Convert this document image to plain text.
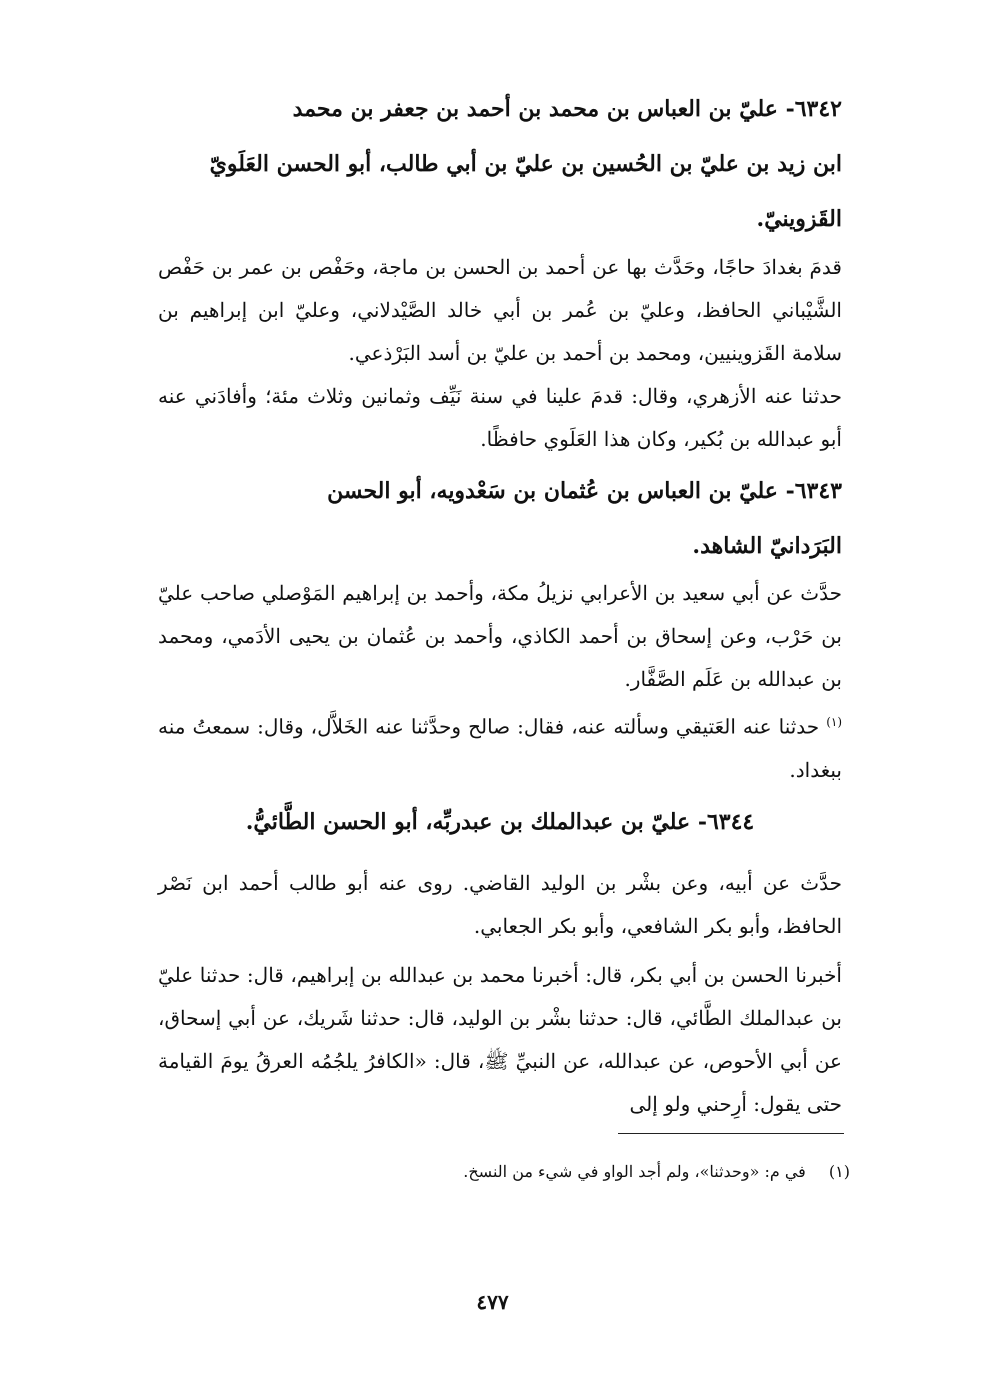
٦٣٤٢- عليّ بن العباس بن محمد بن أحمد بن جعفر بن محمد
ابن زيد بن عليّ بن الحُسين بن عليّ بن أبي طالب، أبو الحسن العَلَويّ
القَزوينيّ.

قدمَ بغدادَ حاجًا، وحَدَّث بها عن أحمد بن الحسن بن ماجة، وحَفْص بن عمر بن حَفْص الشَّيْباني الحافظ، وعليّ بن عُمر بن أبي خالد الصَّيْدلاني، وعليّ ابن إبراهيم بن سلامة القَزوينيين، ومحمد بن أحمد بن عليّ بن أسد البَرْذعي.

حدثنا عنه الأزهري، وقال: قدمَ علينا في سنة نَيِّف وثمانين وثلاث مئة؛ وأفادَني عنه أبو عبدالله بن بُكير، وكان هذا العَلَوي حافظًا.

٦٣٤٣- عليّ بن العباس بن عُثمان بن سَعْدويه، أبو الحسن
البَرَدانيّ الشاهد.

حدَّث عن أبي سعيد بن الأعرابي نزيلُ مكة، وأحمد بن إبراهيم المَوْصلي صاحب عليّ بن حَرْب، وعن إسحاق بن أحمد الكاذي، وأحمد بن عُثمان بن يحيى الأدَمي، ومحمد بن عبدالله بن عَلَم الصَّفَّار.

$^{(١)}$ حدثنا عنه العَتيقي وسألته عنه، فقال: صالح وحدَّثنا عنه الخَلاَّل، وقال: سمعتُ منه ببغداد.

٦٣٤٤- عليّ بن عبدالملك بن عبدربِّه، أبو الحسن الطَّائيُّ.

حدَّث عن أبيه، وعن بشْر بن الوليد القاضي. روى عنه أبو طالب أحمد ابن نَصْر الحافظ، وأبو بكر الشافعي، وأبو بكر الجعابي.

أخبرنا الحسن بن أبي بكر، قال: أخبرنا محمد بن عبدالله بن إبراهيم، قال: حدثنا عليّ بن عبدالملك الطَّائي، قال: حدثنا بشْر بن الوليد، قال: حدثنا شَريك، عن أبي إسحاق، عن أبي الأحوص، عن عبدالله، عن النبيِّ ﷺ، قال: «الكافرُ يلجُمُه العرقُ يومَ القيامة حتى يقول: أرِحني ولو إلى

(١) في م: «وحدثنا»، ولم أجد الواو في شيء من النسخ.
٤٧٧
